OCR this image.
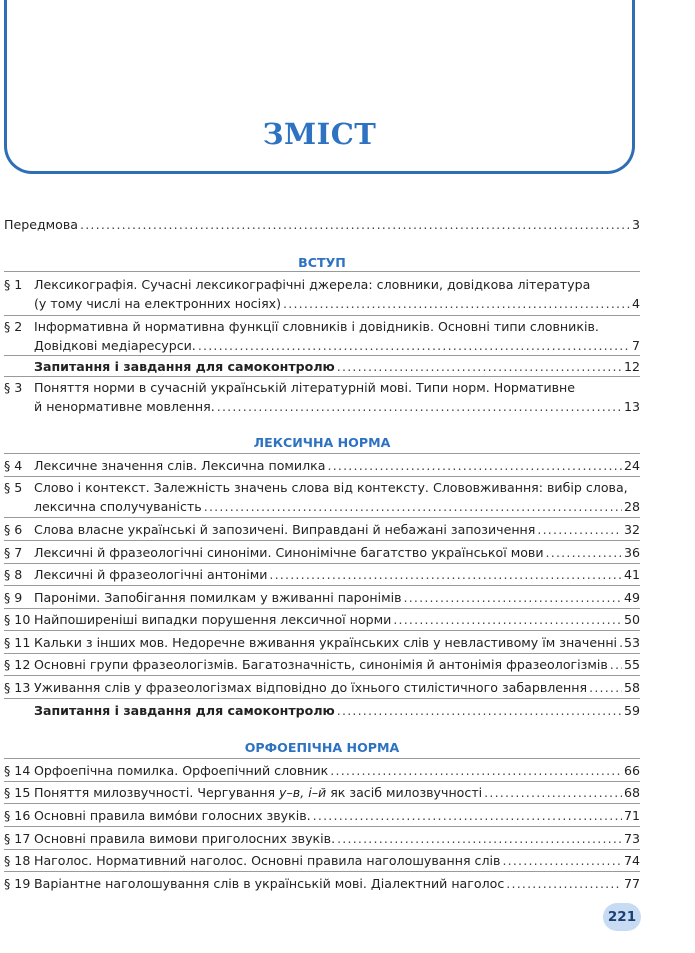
ЗМІСТ
Передмова .....	3
ВСТУП
§ 1 Лексикографія. Сучасні лексикографічні джерела: словники, довідкова література
(у тому числі на електронних носіях) .....	4
§ 2 Інформативна й нормативна функції словників і довідників. Основні типи словників.
Довідкові медіаресурси. .....	7
Запитання і завдання для самоконтролю .....	12
§ 3 Поняття норми в сучасній українській літературній мові. Типи норм. Нормативне
й ненормативне мовлення. .....	13
ЛЕКСИЧНА НОРМА
§ 4 Лексичне значення слів. Лексична помилка .....	24
§ 5 Слово і контекст. Залежність значень слова від контексту. Слововживання: вибір слова,
лексична сполучуваність .....	28
§ 6 Слова власне українські й запозичені. Виправдані й небажані запозичення .....	32
§ 7 Лексичні й фразеологічні синоніми. Синонімічне багатство української мови .....	36
§ 8 Лексичні й фразеологічні антоніми .....	41
§ 9 Пароніми. Запобігання помилкам у вживанні паронімів .....	49
§ 10 Найпоширеніші випадки порушення лексичної норми .....	50
§ 11 Кальки з інших мов. Недоречне вживання українських слів у невластивому їм значенні ..... 53
§ 12 Основні групи фразеологізмів. Багатозначність, синонімія й антонімія фразеологізмів ..... 55
§ 13 Уживання слів у фразеологізмах відповідно до їхнього стилістичного забарвлення .....	58
Запитання і завдання для самоконтролю .....	59
ОРФОЕПІЧНА НОРМА
§ 14 Орфоепічна помилка. Орфоепічний словник .....	66
§ 15 Поняття милозвучності. Чергування у–в, і–й як засіб милозвучності .....	68
§ 16 Основні правила вимо́ви голосних звуків. .....	71
§ 17 Основні правила вимови приголосних звуків. .....	73
§ 18 Наголос. Нормативний наголос. Основні правила наголошування слів .....	74
§ 19 Варіантне наголошування слів в українській мові. Діалектний наголос .....	77
221
